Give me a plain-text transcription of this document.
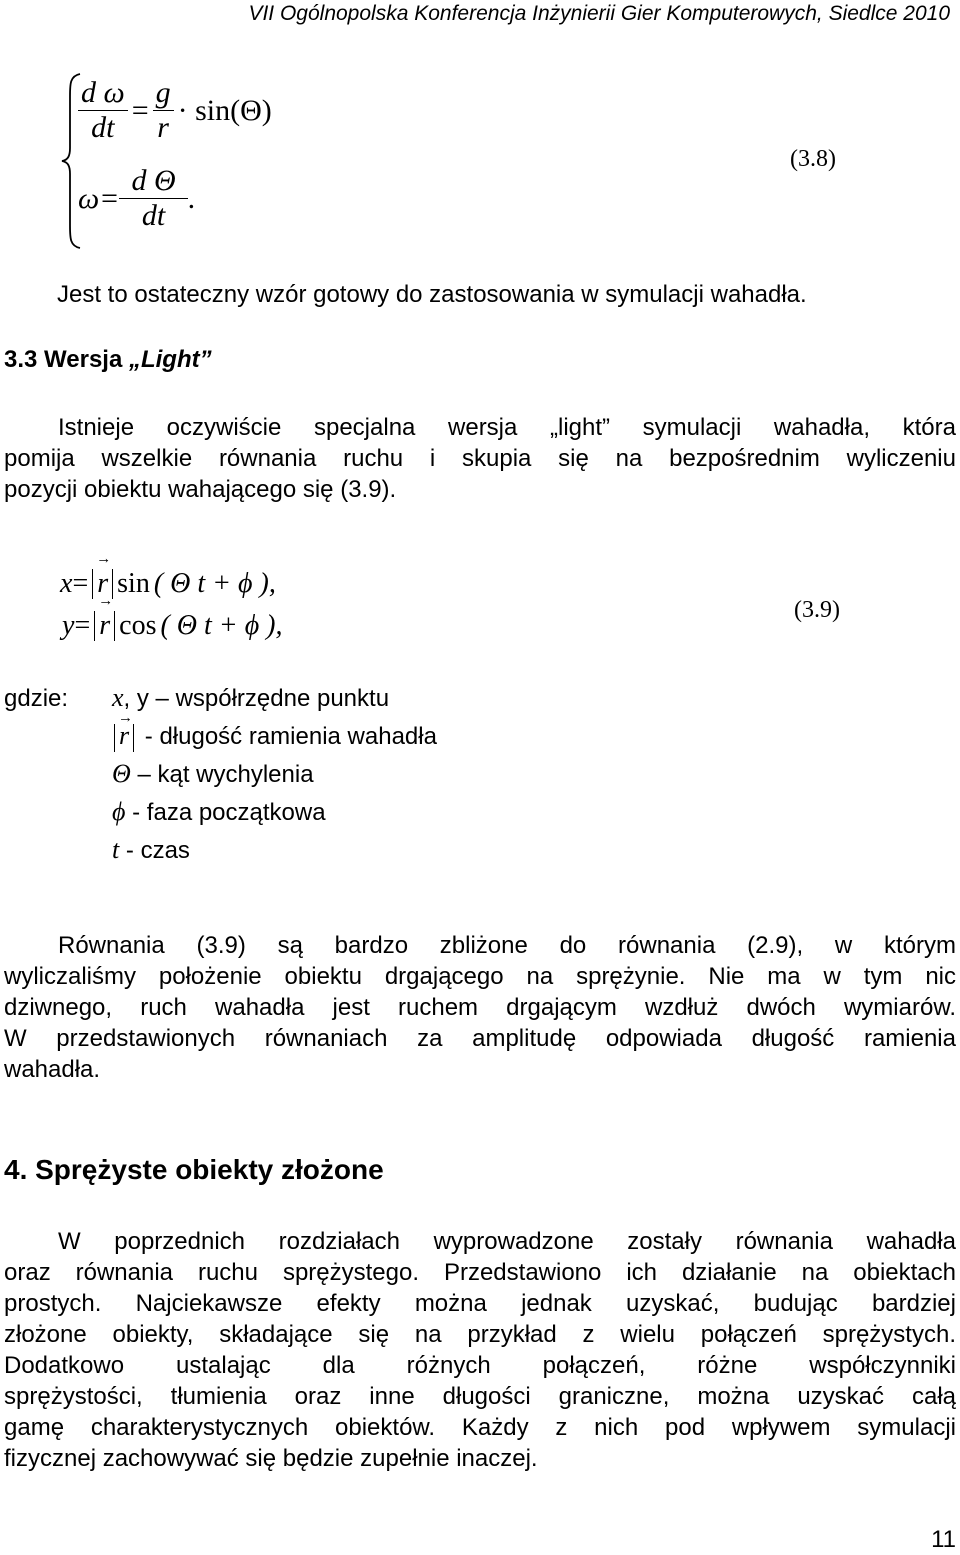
VII Ogólnopolska Konferencja Inżynierii Gier Komputerowych, Siedlce 2010
$\frac{\text{d ω}}{dt} = \frac{g}{r} \cdot \sin(\Theta)$
$\omega= \frac{\text{d Θ}}{dt}$ .
(3.8)
Jest to ostateczny wzór gotowy do zastosowania w symulacji wahadła.
3.3 Wersja „Light”
Istnieje oczywiście specjalna wersja „light” symulacji wahadła, która
pomija wszelkie równania ruchu i skupia się na bezpośrednim wyliczeniu
pozycji obiektu wahającego się (3.9).
x = → r sin ( Θ t + ϕ ),
y = → r cos ( Θ t + ϕ ),	(3.9)
gdzie: x, y – współrzędne punktu
→ r - długość ramienia wahadła
Θ – kąt wychylenia
ϕ - faza początkowa
t - czas
Równania (3.9) są bardzo zbliżone do równania (2.9), w którym
wyliczaliśmy położenie obiektu drgającego na sprężynie. Nie ma w tym nic
dziwnego, ruch wahadła jest ruchem drgającym wzdłuż dwóch wymiarów.
W przedstawionych równaniach za amplitudę odpowiada długość ramienia
wahadła.
4. Sprężyste obiekty złożone
W poprzednich rozdziałach wyprowadzone zostały równania wahadła
oraz równania ruchu sprężystego. Przedstawiono ich działanie na obiektach
prostych. Najciekawsze efekty można jednak uzyskać, budując bardziej
złożone obiekty, składające się na przykład z wielu połączeń sprężystych.
Dodatkowo ustalając dla różnych połączeń, różne współczynniki
sprężystości, tłumienia oraz inne długości graniczne, można uzyskać całą
gamę charakterystycznych obiektów. Każdy z nich pod wpływem symulacji
fizycznej zachowywać się będzie zupełnie inaczej.
11
